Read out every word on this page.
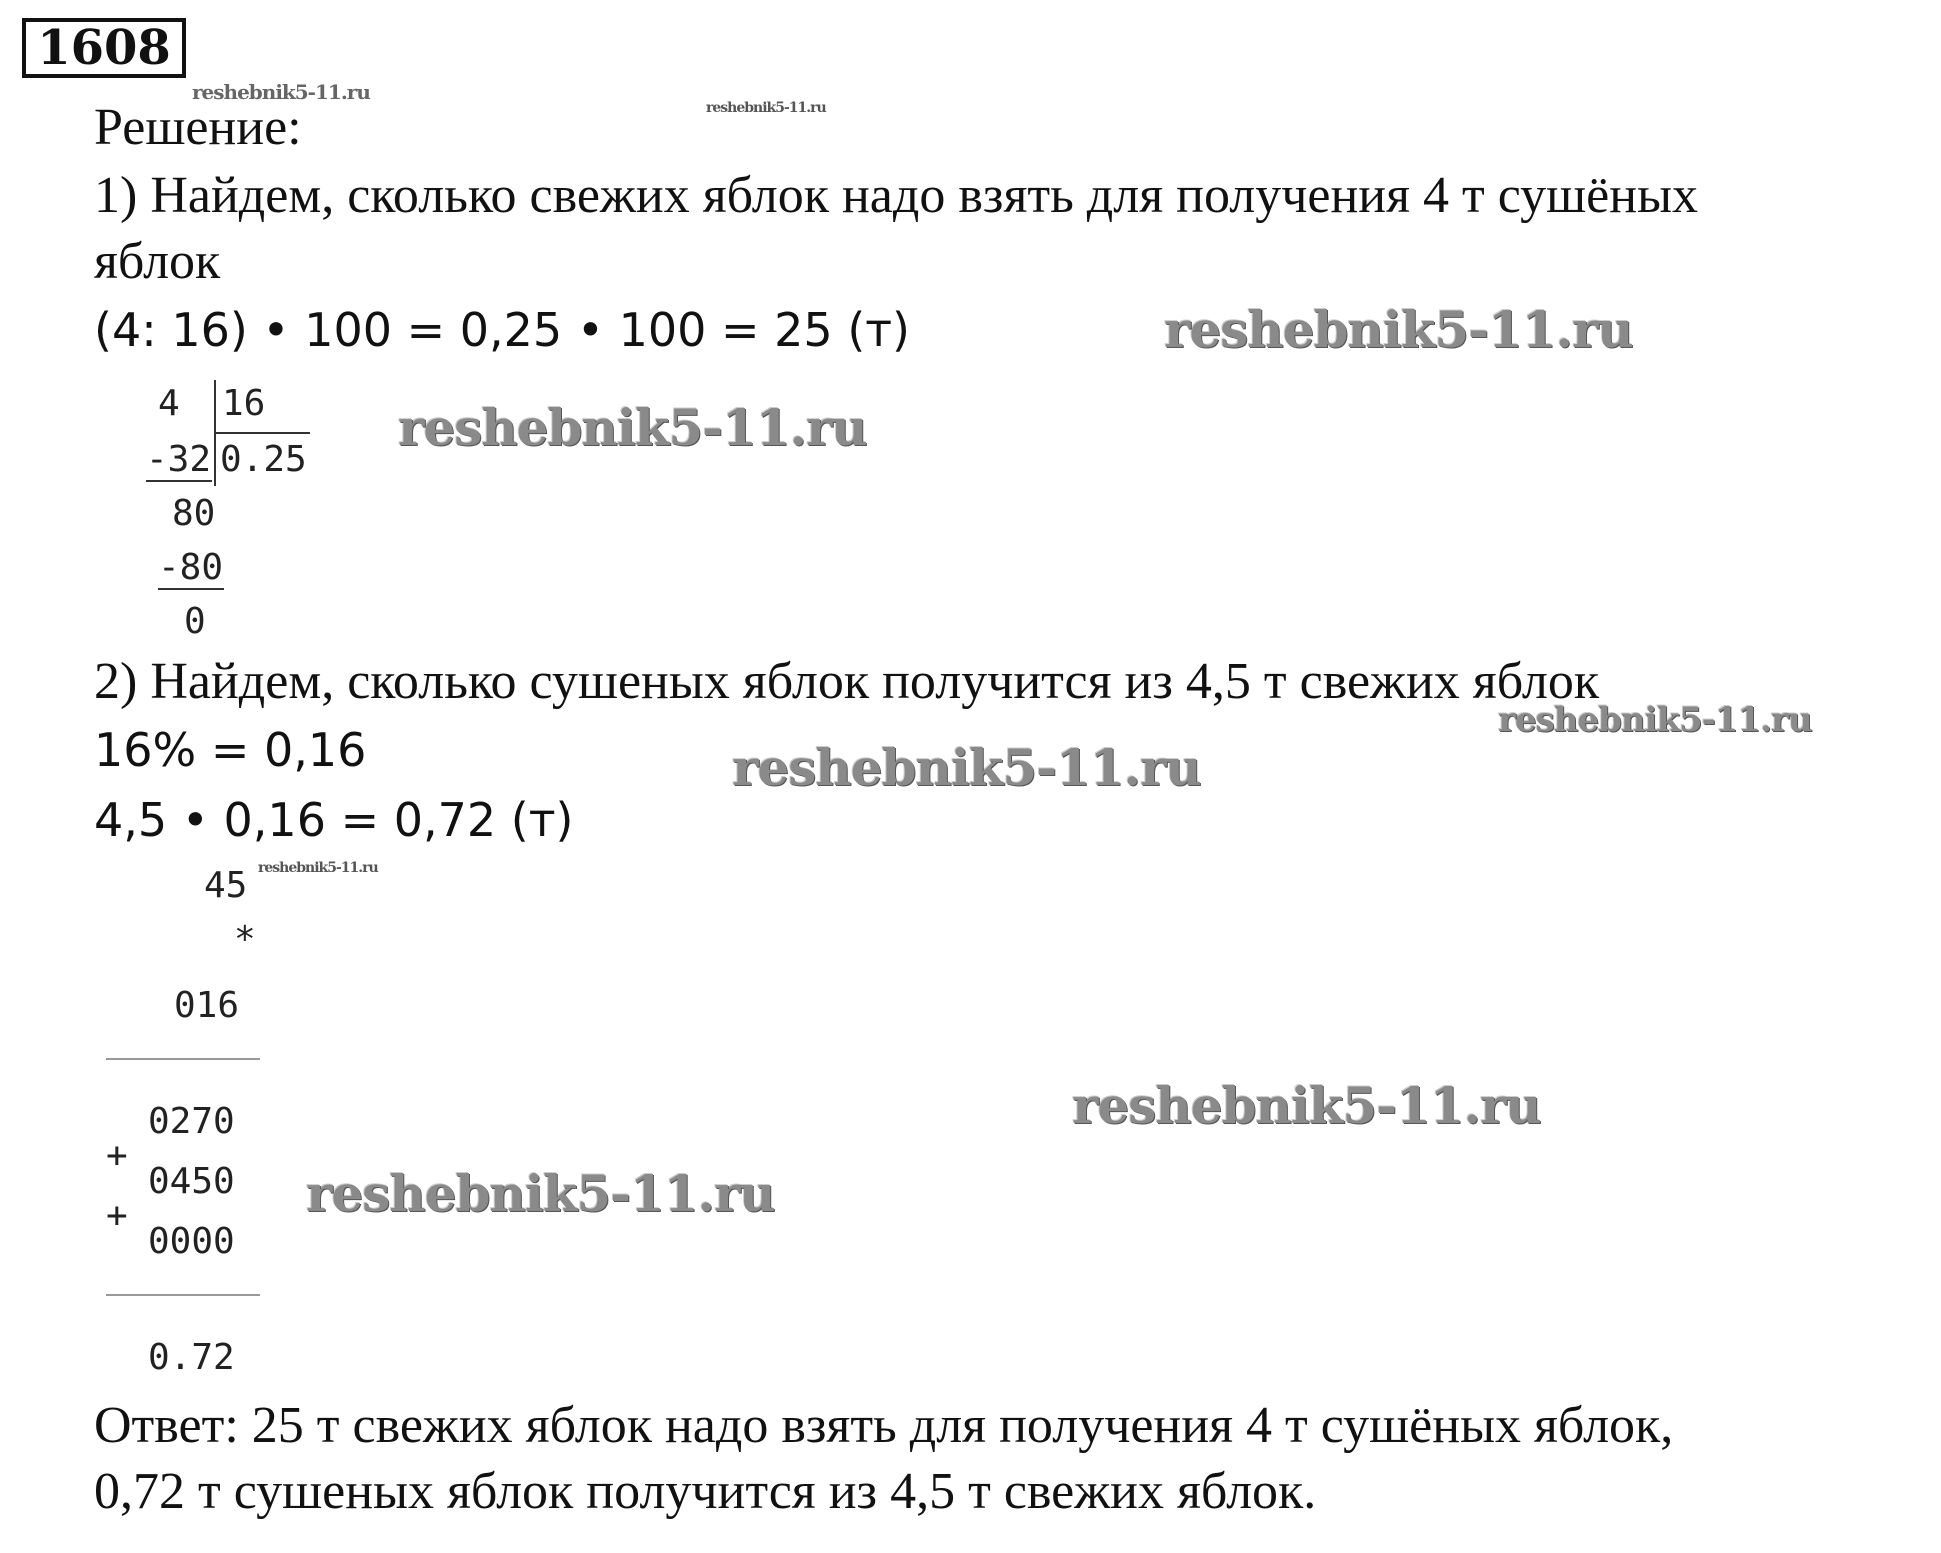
1608
reshebnik5-11.ru
reshebnik5-11.ru
reshebnik5-11.ru
reshebnik5-11.ru
reshebnik5-11.ru
reshebnik5-11.ru
reshebnik5-11.ru
reshebnik5-11.ru
reshebnik5-11.ru
Решение:
1) Найдем, сколько свежих яблок надо взять для получения 4 т сушёных
яблок
(4: 16) • 100 = 0,25 • 100 = 25 (т)
4 16
-32 0.25
80
-80
0
2) Найдем, сколько сушеных яблок получится из 4,5 т свежих яблок
16% = 0,16
4,5 • 0,16 = 0,72 (т)
45
*
016
0270
+
0450
+
0000
0.72
Ответ: 25 т свежих яблок надо взять для получения 4 т сушёных яблок,
0,72 т сушеных яблок получится из 4,5 т свежих яблок.
